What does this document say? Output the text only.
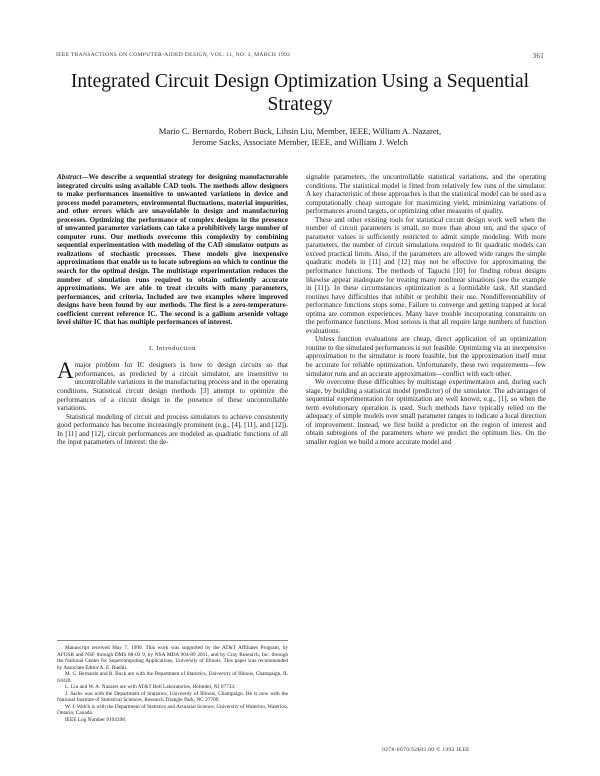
IEEE TRANSACTIONS ON COMPUTER-AIDED DESIGN, VOL. 11, NO. 3, MARCH 1992	361
Integrated Circuit Design Optimization Using a Sequential Strategy

Mario C. Bernardo, Robert Buck, Lihsin Liu, Member, IEEE, William A. Nazaret,

Jerome Sacks, Associate Member, IEEE, and William J. Welch

Abstract—We describe a sequential strategy for designing manufacturable integrated circuits using available CAD tools. The methods allow designers to make performances insensitive to unwanted variations in device and process model parameters, environmental fluctuations, material impurities, and other errors which are unavoidable in design and manufacturing processes. Optimizing the performance of complex designs in the presence of unwanted parameter variations can take a prohibitively large number of computer runs. Our methods overcome this complexity by combining sequential experimentation with modeling of the CAD simulator outputs as realizations of stochastic processes. These models give inexpensive approximations that enable us to locate subregions on which to continue the search for the optimal design. The multistage experimentation reduces the number of simulation runs required to obtain sufficiently accurate approximations. We are able to treat circuits with many parameters, performances, and criteria. Included are two examples where improved designs have been found by our methods. The first is a zero-temperature-coefficient current reference IC. The second is a gallium arsenide voltage level shifter IC that has multiple performances of interest.

I. Introduction

Amajor problem for IC designers is how to design circuits so that performances, as predicted by a circuit simulator, are insensitive to uncontrollable variations in the manufacturing process and in the operating conditions. Statistical circuit design methods [3] attempt to optimize the performances of a circuit design in the presence of these uncontrollable variations.

Statistical modeling of circuit and process simulators to achieve consistently good performance has become increasingly prominent (e.g., [4], [11], and [12]). In [11] and [12], circuit performances are modeled as quadratic functions of all the input parameters of interest: the de-

Manuscript received May 7, 1990. This work was supported by the AT&T Affiliates Program, by AFOSR and NSF through DMS 88-03 9, by NSA MDA 904-89 2011, and by Cray Research, Inc. through the National Center for Supercomputing Applications, University of Illinois. This paper was recommended by Associate Editor A. E. Ruehli.

M. C. Bernardo and R. Buck are with the Department of Statistics, University of Illinois, Champaign, IL 61820.

L. Liu and W. A. Nazaret are with AT&T Bell Laboratories, Holmdel, NJ 07733.

J. Sacks was with the Department of Statistics, University of Illinois, Champaign. He is now with the National Institute of Statistical Sciences, Research Triangle Park, NC 27709.

W. J. Welch is with the Department of Statistics and Actuarial Science, University of Waterloo, Waterloo, Ontario, Canada.

IEEE Log Number 9104398.

signable parameters, the uncontrollable statistical variations, and the operating conditions. The statistical model is fitted from relatively few runs of the simulator. A key characteristic of these approaches is that the statistical model can be used as a computationally cheap surrogate for maximizing yield, minimizing variations of performances around targets, or optimizing other measures of quality.

These and other existing tools for statistical circuit design work well when the number of circuit parameters is small, no more than about ten, and the space of parameter values is sufficiently restricted to admit simple modeling. With more parameters, the number of circuit simulations required to fit quadratic models can exceed practical limits. Also, if the parameters are allowed wide ranges the simple quadratic models in [11] and [12] may not be effective for approximating the performance functions. The methods of Taguchi [10] for finding robust designs likewise appear inadequate for treating many nonlinear situations (see the example in [11]). In these circumstances optimization is a formidable task. All standard routines have difficulties that inhibit or prohibit their use. Nondifferentiability of performance functions stops some. Failure to converge and getting trapped at local optima are common experiences. Many have trouble incorporating constraints on the performance functions. Most serious is that all require large numbers of function evaluations.

Unless function evaluations are cheap, direct application of an optimization routine to the simulated performances is not feasible. Optimizing via an inexpensive approximation to the simulator is more feasible, but the approximation itself must be accurate for reliable optimization. Unfortunately, these two requirements—few simulator runs and an accurate approximation—conflict with each other.

We overcome these difficulties by multistage experimentation and, during each stage, by building a statistical model (predictor) of the simulator. The advantages of sequential experimentation for optimization are well known, e.g., [1], so when the term evolutionary operation is used. Such methods have typically relied on the adequacy of simple models over small parameter ranges to indicate a local direction of improvement. Instead, we first build a predictor on the region of interest and obtain subregions of the parameters where we predict the optimum lies. On the smaller region we build a more accurate model and

0278-0070/92$03.00 © 1992 IEEE
